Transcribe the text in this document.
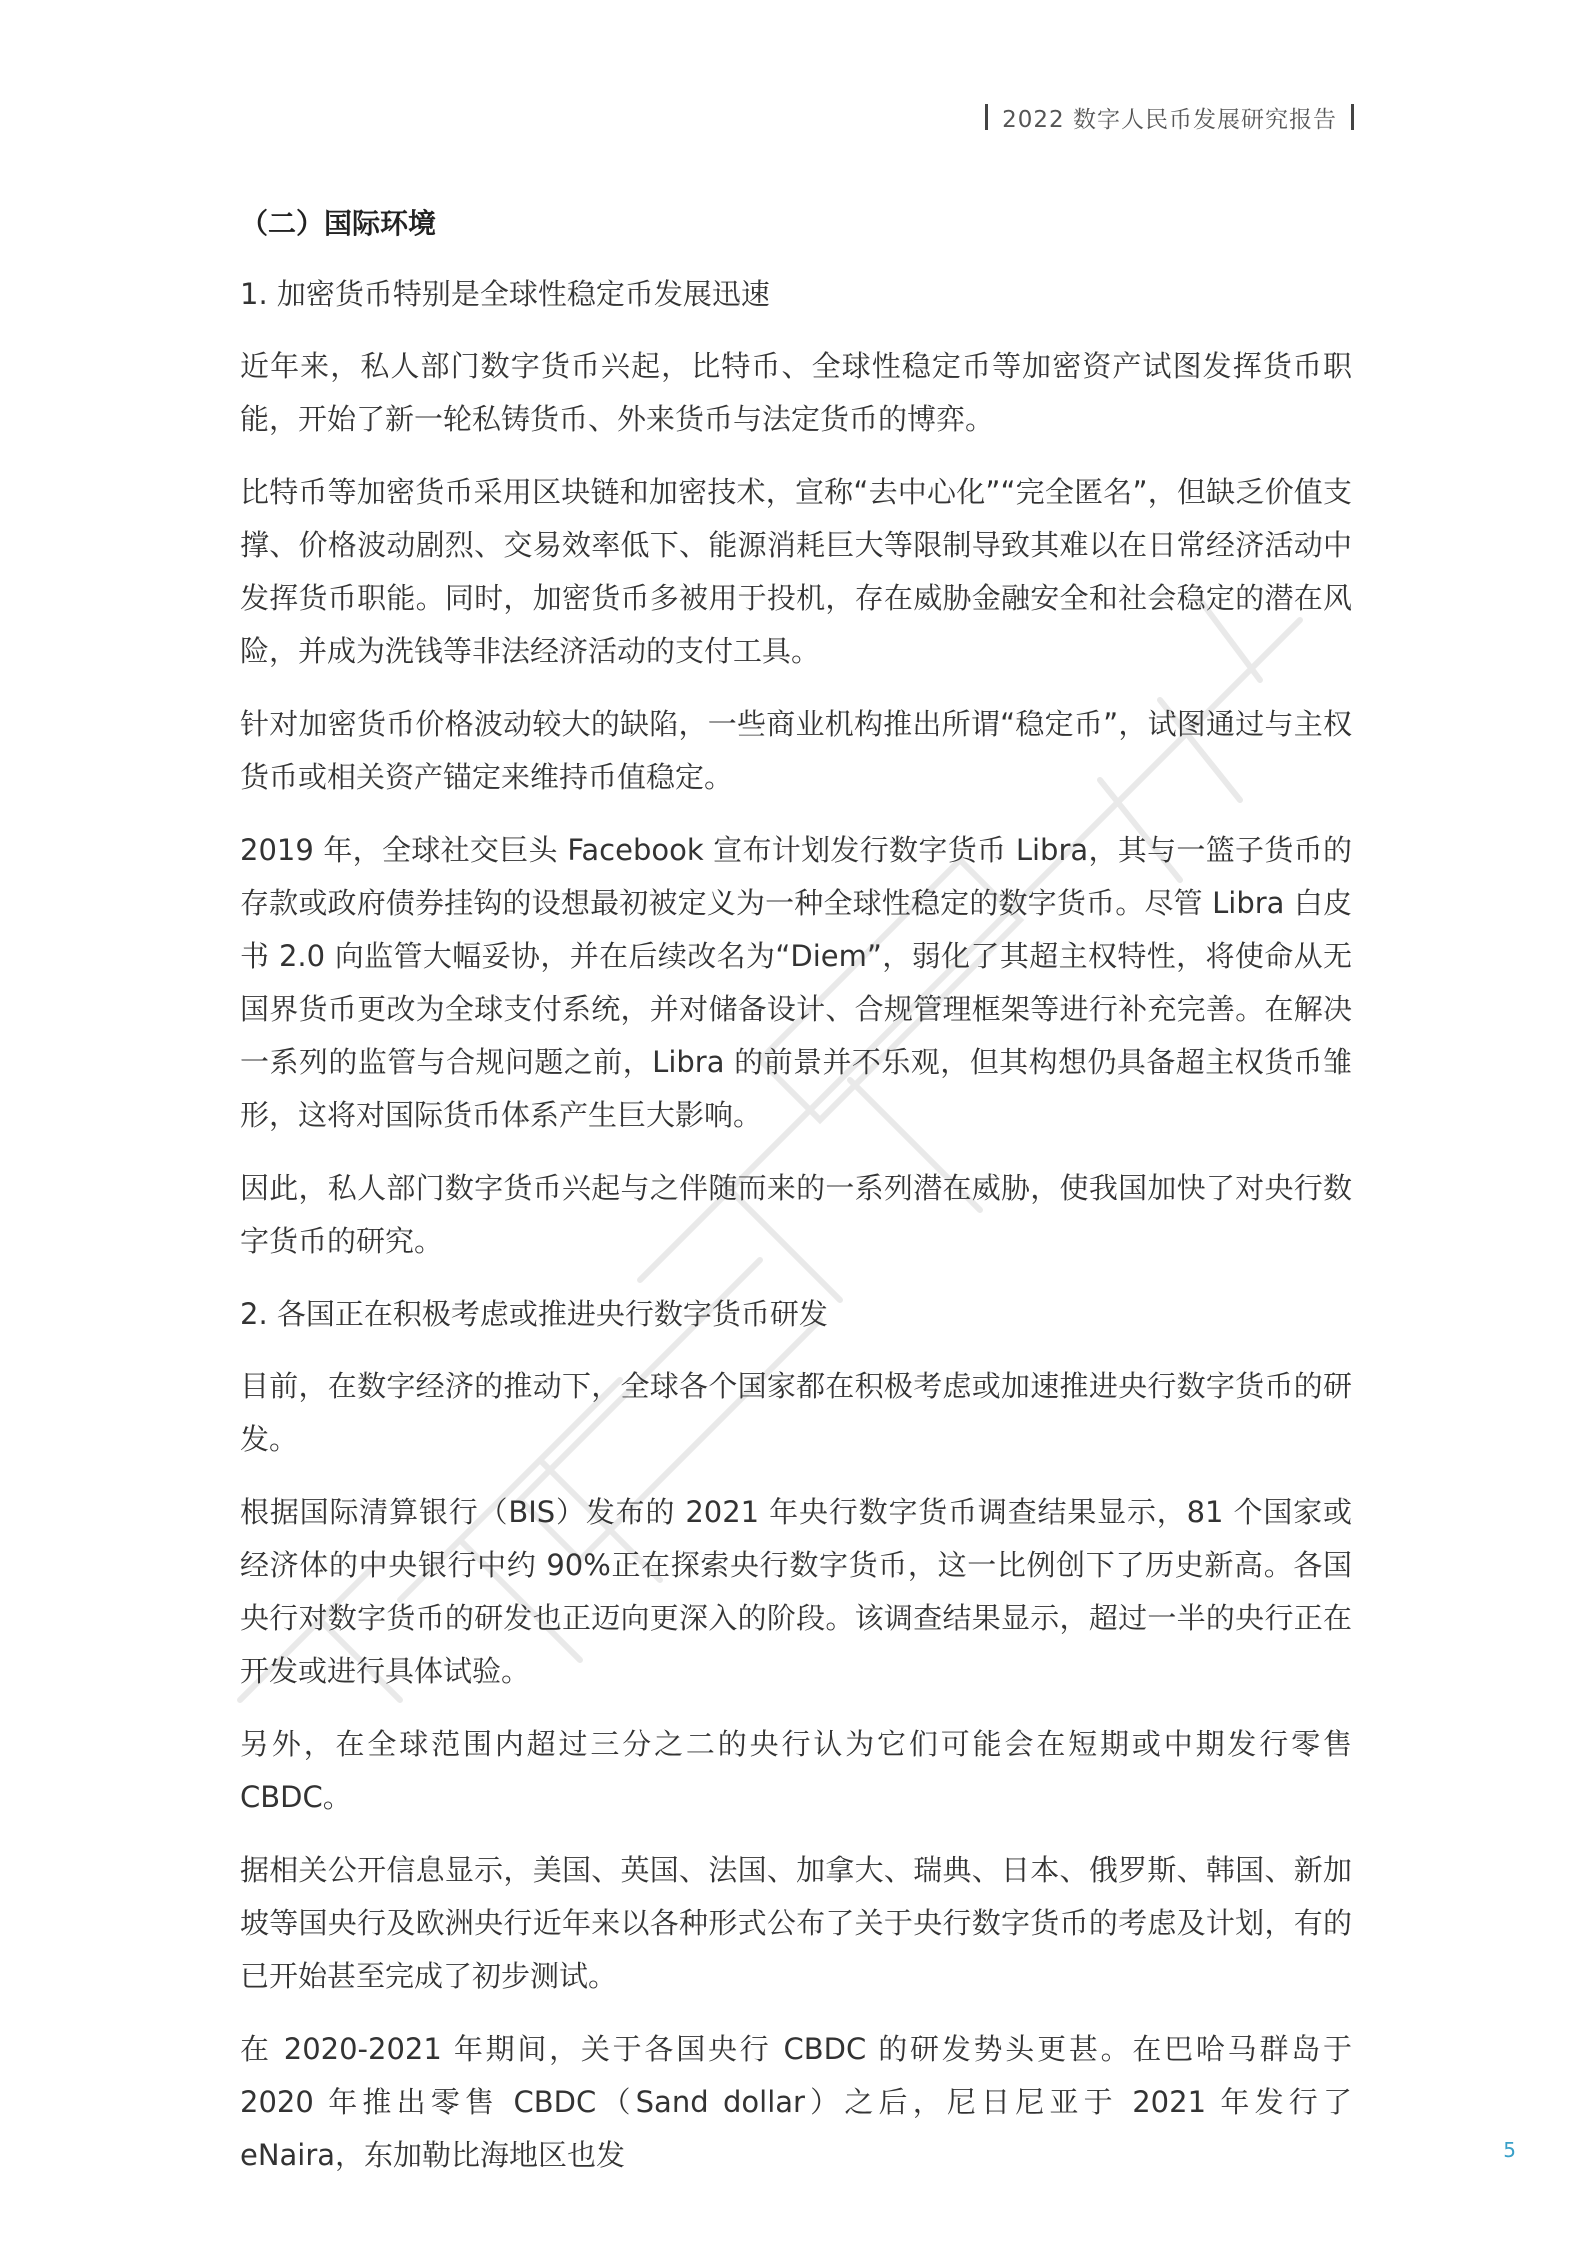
2022 数字人民币发展研究报告
（二）国际环境
1. 加密货币特别是全球性稳定币发展迅速

近年来，私人部门数字货币兴起，比特币、全球性稳定币等加密资产试图发挥货币职能，开始了新一轮私铸货币、外来货币与法定货币的博弈。

比特币等加密货币采用区块链和加密技术，宣称“去中心化”“完全匿名”，但缺乏价值支撑、价格波动剧烈、交易效率低下、能源消耗巨大等限制导致其难以在日常经济活动中发挥货币职能。同时，加密货币多被用于投机，存在威胁金融安全和社会稳定的潜在风险，并成为洗钱等非法经济活动的支付工具。

针对加密货币价格波动较大的缺陷，一些商业机构推出所谓“稳定币”，试图通过与主权货币或相关资产锚定来维持币值稳定。

2019 年，全球社交巨头 Facebook 宣布计划发行数字货币 Libra，其与一篮子货币的存款或政府债券挂钩的设想最初被定义为一种全球性稳定的数字货币。尽管 Libra 白皮书 2.0 向监管大幅妥协，并在后续改名为“Diem”，弱化了其超主权特性，将使命从无国界货币更改为全球支付系统，并对储备设计、合规管理框架等进行补充完善。在解决一系列的监管与合规问题之前，Libra 的前景并不乐观，但其构想仍具备超主权货币雏形，这将对国际货币体系产生巨大影响。

因此，私人部门数字货币兴起与之伴随而来的一系列潜在威胁，使我国加快了对央行数字货币的研究。

2. 各国正在积极考虑或推进央行数字货币研发

目前，在数字经济的推动下，全球各个国家都在积极考虑或加速推进央行数字货币的研发。

根据国际清算银行（BIS）发布的 2021 年央行数字货币调查结果显示，81 个国家或经济体的中央银行中约 90%正在探索央行数字货币，这一比例创下了历史新高。各国央行对数字货币的研发也正迈向更深入的阶段。该调查结果显示，超过一半的央行正在开发或进行具体试验。

另外，在全球范围内超过三分之二的央行认为它们可能会在短期或中期发行零售 CBDC。

据相关公开信息显示，美国、英国、法国、加拿大、瑞典、日本、俄罗斯、韩国、新加坡等国央行及欧洲央行近年来以各种形式公布了关于央行数字货币的考虑及计划，有的已开始甚至完成了初步测试。

在 2020-2021 年期间，关于各国央行 CBDC 的研发势头更甚。在巴哈马群岛于 2020 年推出零售 CBDC（Sand dollar）之后，尼日尼亚于 2021 年发行了 eNaira，东加勒比海地区也发	5
